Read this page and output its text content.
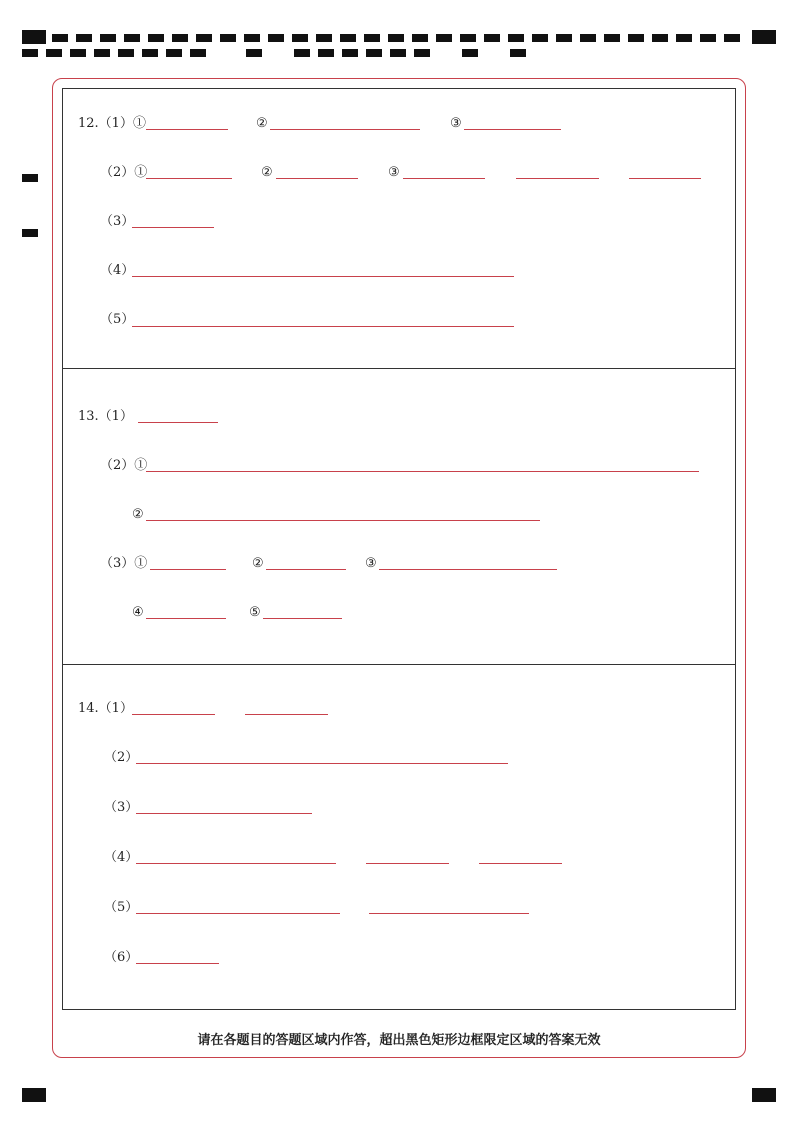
12.（1）①	②	③
（2）①	②	③
（3）
（4）
（5）
13.（1）
（2）①
②
（3）①	②	③
④	⑤
14.（1）
（2）
（3）
（4）
（5）
（6）
请在各题目的答题区域内作答，超出黑色矩形边框限定区域的答案无效
